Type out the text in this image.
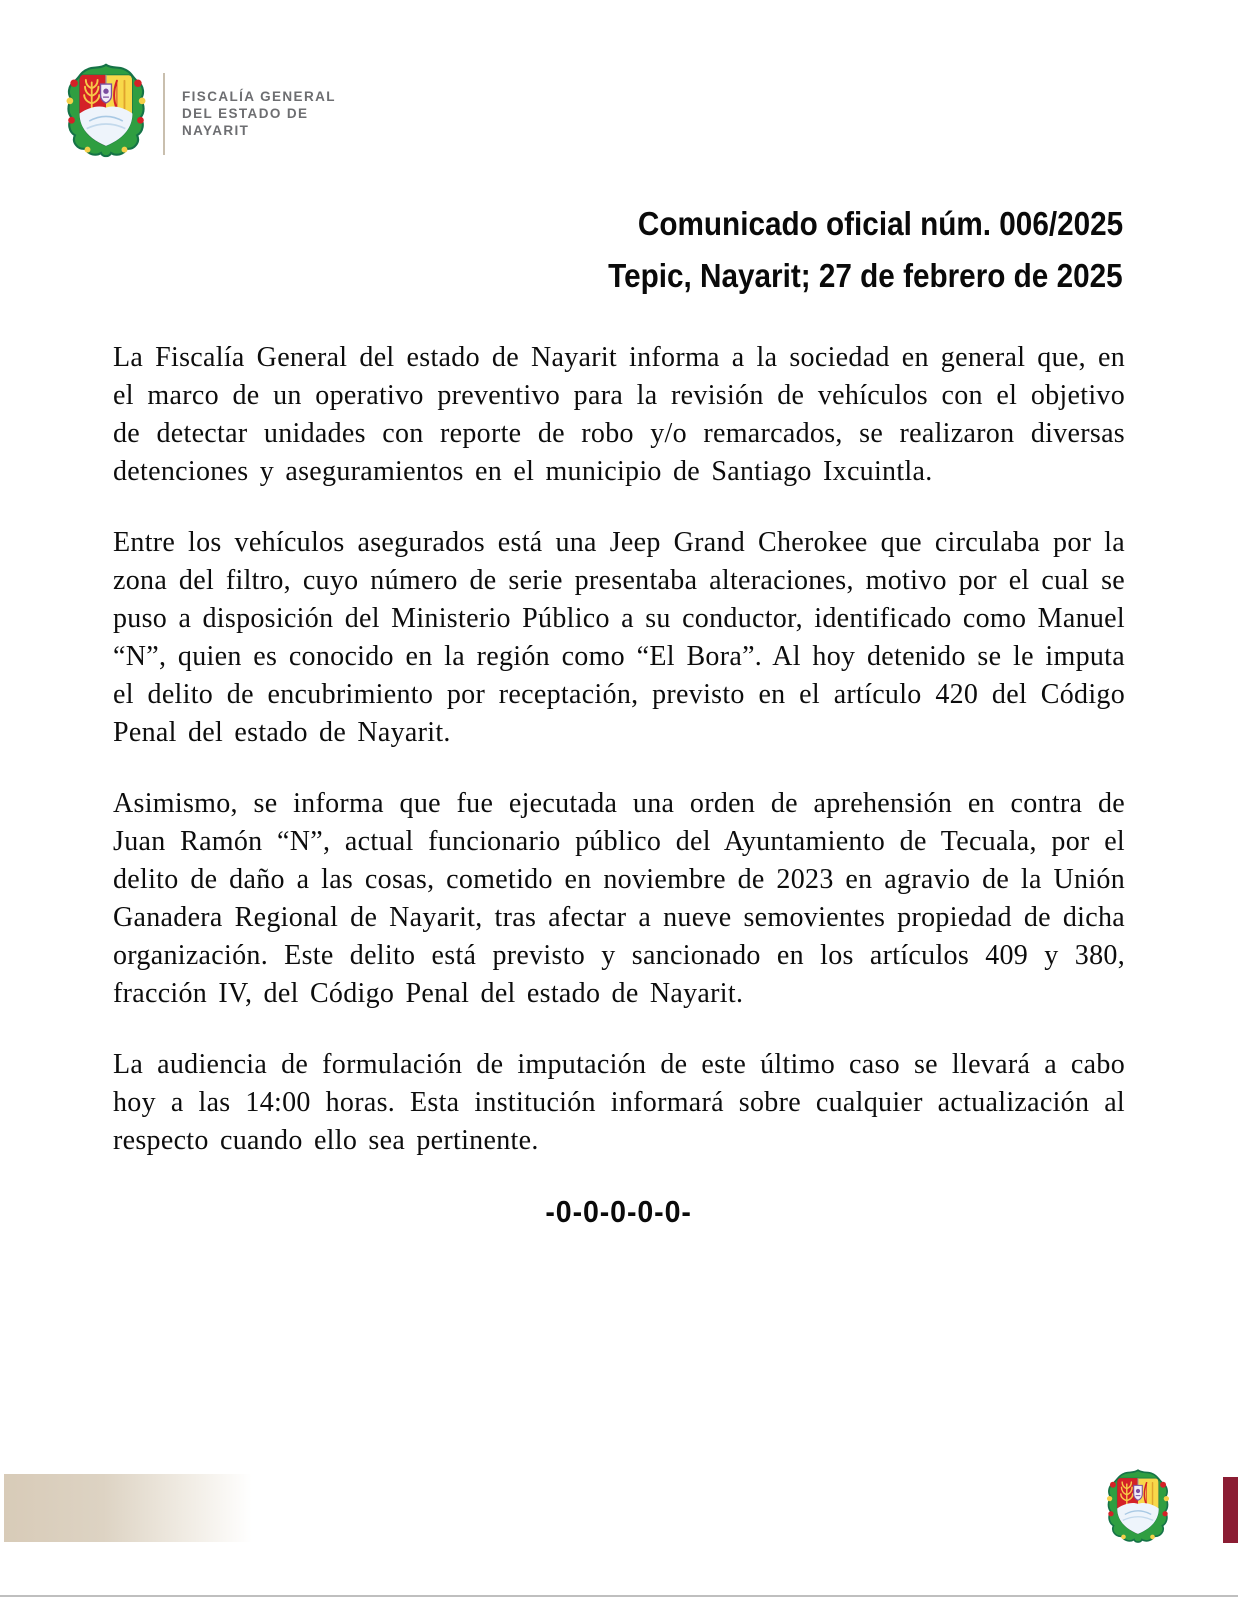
FISCALÍA GENERAL
DEL ESTADO DE
NAYARIT
Comunicado oficial núm. 006/2025
Tepic, Nayarit; 27 de febrero de 2025

La Fiscalía General del estado de Nayarit informa a la sociedad en general que, en el marco de un operativo preventivo para la revisión de vehículos con el objetivo de detectar unidades con reporte de robo y/o remarcados, se realizaron diversas detenciones y aseguramientos en el municipio de Santiago Ixcuintla.

Entre los vehículos asegurados está una Jeep Grand Cherokee que circulaba por la zona del filtro, cuyo número de serie presentaba alteraciones, motivo por el cual se puso a disposición del Ministerio Público a su conductor, identificado como Manuel “N”, quien es conocido en la región como “El Bora”. Al hoy detenido se le imputa el delito de encubrimiento por receptación, previsto en el artículo 420 del Código Penal del estado de Nayarit.

Asimismo, se informa que fue ejecutada una orden de aprehensión en contra de Juan Ramón “N”, actual funcionario público del Ayuntamiento de Tecuala, por el delito de daño a las cosas, cometido en noviembre de 2023 en agravio de la Unión Ganadera Regional de Nayarit, tras afectar a nueve semovientes propiedad de dicha organización. Este delito está previsto y sancionado en los artículos 409 y 380, fracción IV, del Código Penal del estado de Nayarit.

La audiencia de formulación de imputación de este último caso se llevará a cabo hoy a las 14:00 horas. Esta institución informará sobre cualquier actualización al respecto cuando ello sea pertinente.

-0-0-0-0-0-
